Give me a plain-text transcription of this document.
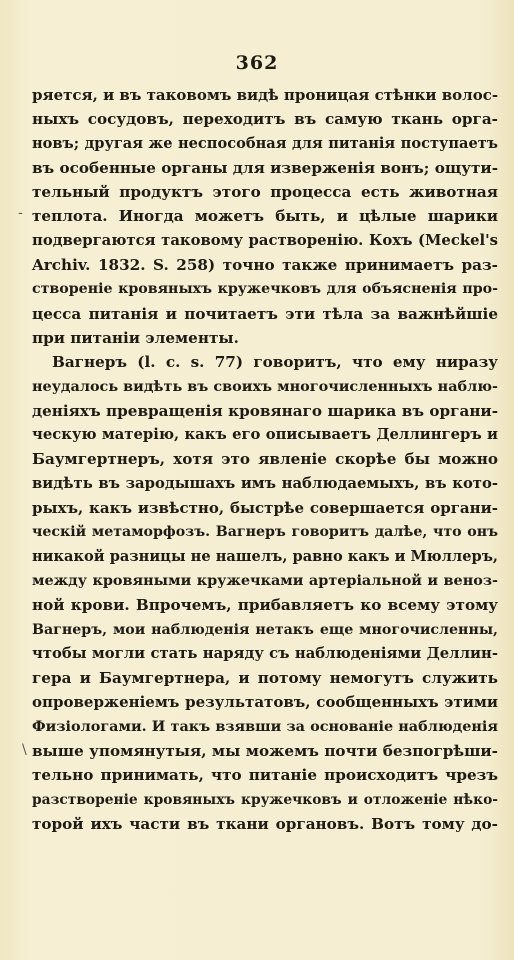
362
-
\
ряется, и въ таковомъ видѣ проницая стѣнки волос-
ныхъ сосудовъ, переходитъ въ самую ткань орга-
новъ; другая же неспособная для питанія поступаетъ
въ особенные органы для изверженія вонъ; ощути-
тельный продуктъ этого процесса есть животная
теплота. Иногда можетъ быть, и цѣлые шарики
подвергаются таковому растворенію. Кохъ (Meckel's
Archiv. 1832. S. 258) точно также принимаетъ раз-
створеніе кровяныхъ кружечковъ для объясненія про-
цесса питанія и почитаетъ эти тѣла за важнѣйшіе
при питаніи элементы.
Вагнеръ (l. c. s. 77) говоритъ, что ему ниразу
неудалось видѣть въ своихъ многочисленныхъ наблю-
деніяхъ превращенія кровянаго шарика въ органи-
ческую матерію, какъ его описываетъ Деллингеръ и
Баумгертнеръ, хотя это явленіе скорѣе бы можно
видѣть въ зародышахъ имъ наблюдаемыхъ, въ кото-
рыхъ, какъ извѣстно, быстрѣе совершается органи-
ческій метаморфозъ. Вагнеръ говоритъ далѣе, что онъ
никакой разницы не нашелъ, равно какъ и Мюллеръ,
между кровяными кружечками артеріальной и веноз-
ной крови. Впрочемъ, прибавляетъ ко всему этому
Вагнеръ, мои наблюденія нетакъ еще многочисленны,
чтобы могли стать наряду съ наблюденіями Деллин-
гера и Баумгертнера, и потому немогутъ служить
опроверженіемъ результатовъ, сообщенныхъ этими
Физіологами. И такъ взявши за основаніе наблюденія
выше упомянутыя, мы можемъ почти безпогрѣши-
тельно принимать, что питаніе происходитъ чрезъ
разствореніе кровяныхъ кружечковъ и отложеніе нѣко-
торой ихъ части въ ткани органовъ. Вотъ тому до-
